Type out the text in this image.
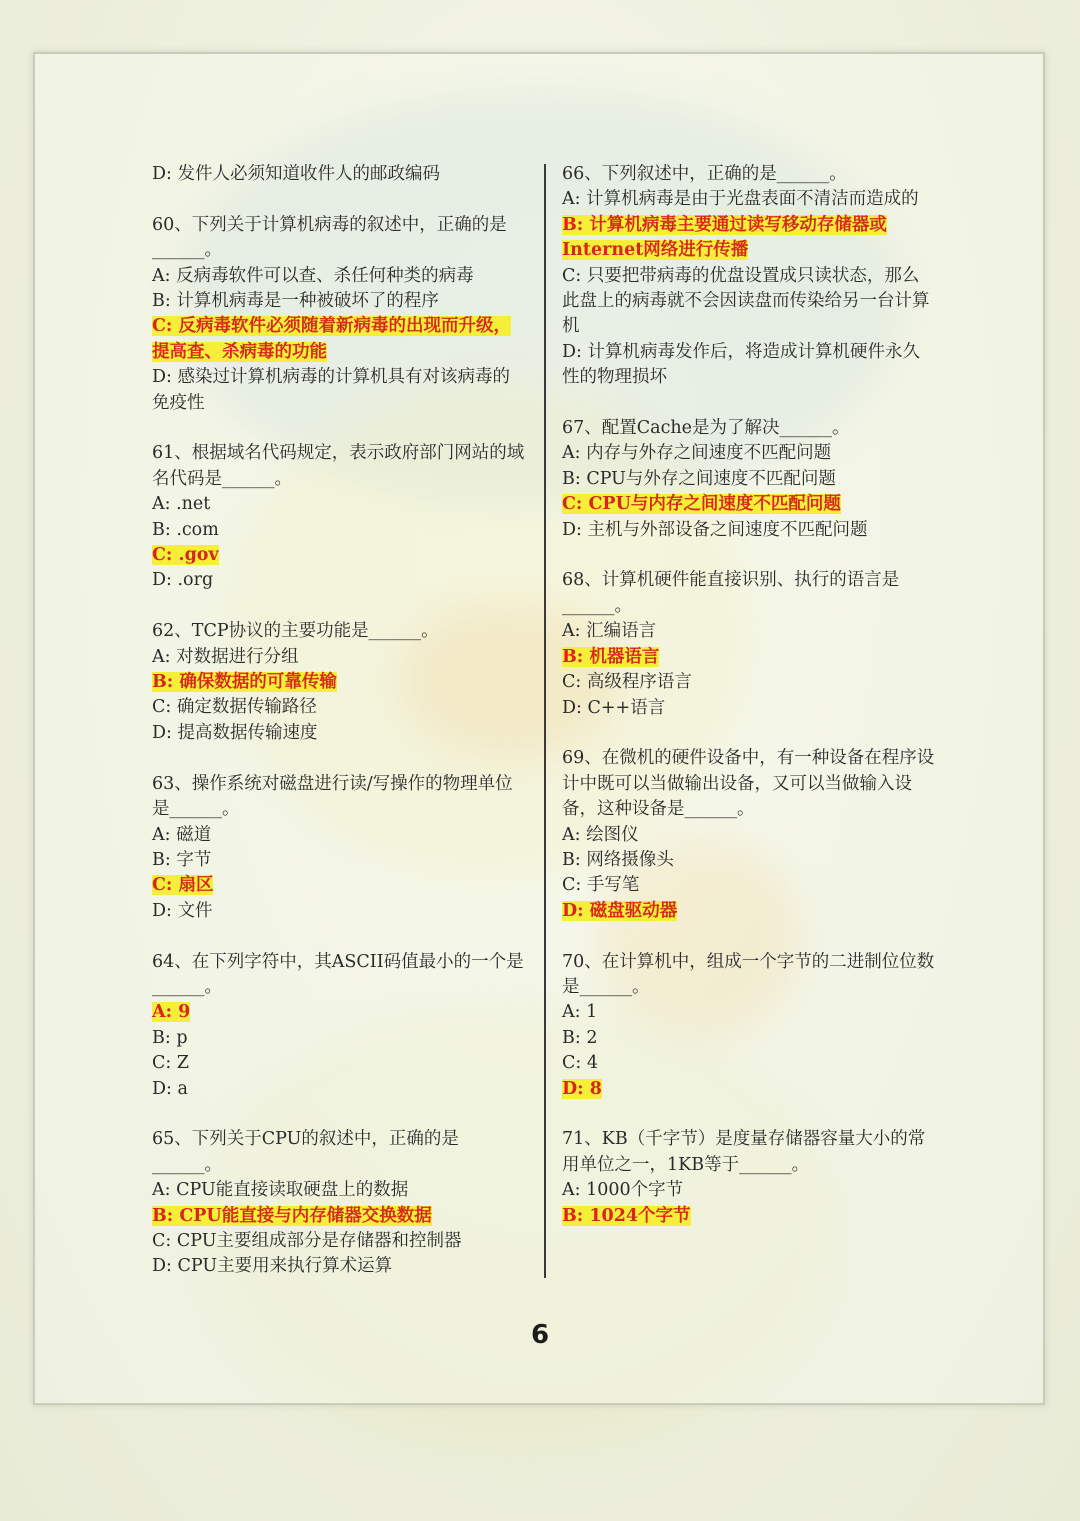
D: 发件人必须知道收件人的邮政编码
60、下列关于计算机病毒的叙述中，正确的是______。
A: 反病毒软件可以查、杀任何种类的病毒
B: 计算机病毒是一种被破坏了的程序
C: 反病毒软件必须随着新病毒的出现而升级，提高查、杀病毒的功能
D: 感染过计算机病毒的计算机具有对该病毒的免疫性
61、根据域名代码规定，表示政府部门网站的域名代码是______。
A: .net
B: .com
C: .gov
D: .org
62、TCP协议的主要功能是______。
A: 对数据进行分组
B: 确保数据的可靠传输
C: 确定数据传输路径
D: 提高数据传输速度
63、操作系统对磁盘进行读/写操作的物理单位是______。
A: 磁道
B: 字节
C: 扇区
D: 文件
64、在下列字符中，其ASCII码值最小的一个是______。
A: 9
B: p
C: Z
D: a
65、下列关于CPU的叙述中，正确的是
______。
A: CPU能直接读取硬盘上的数据
B: CPU能直接与内存储器交换数据
C: CPU主要组成部分是存储器和控制器
D: CPU主要用来执行算术运算
66、下列叙述中，正确的是______。
A: 计算机病毒是由于光盘表面不清洁而造成的
B: 计算机病毒主要通过读写移动存储器或Internet网络进行传播
C: 只要把带病毒的优盘设置成只读状态，那么此盘上的病毒就不会因读盘而传染给另一台计算机
D: 计算机病毒发作后，将造成计算机硬件永久性的物理损坏
67、配置Cache是为了解决______。
A: 内存与外存之间速度不匹配问题
B: CPU与外存之间速度不匹配问题
C: CPU与内存之间速度不匹配问题
D: 主机与外部设备之间速度不匹配问题
68、计算机硬件能直接识别、执行的语言是
______。
A: 汇编语言
B: 机器语言
C: 高级程序语言
D: C++语言
69、在微机的硬件设备中，有一种设备在程序设计中既可以当做输出设备，又可以当做输入设备，这种设备是______。
A: 绘图仪
B: 网络摄像头
C: 手写笔
D: 磁盘驱动器
70、在计算机中，组成一个字节的二进制位位数是______。
A: 1
B: 2
C: 4
D: 8
71、KB（千字节）是度量存储器容量大小的常用单位之一，1KB等于______。
A: 1000个字节
B: 1024个字节
6
